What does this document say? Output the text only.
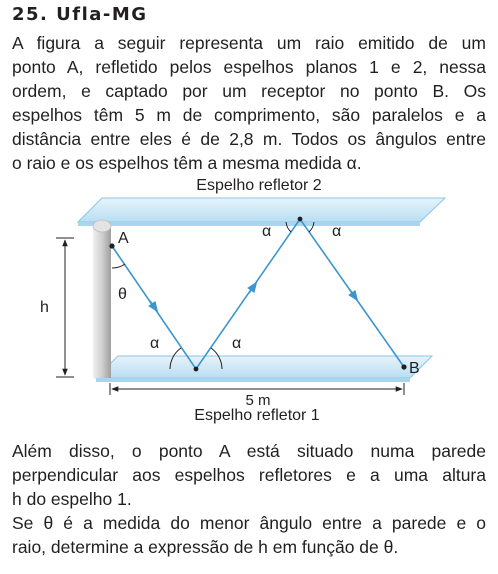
25. Ufla-MG
A figura a seguir representa um raio emitido de um
ponto A, refletido pelos espelhos planos 1 e 2, nessa
ordem, e captado por um receptor no ponto B. Os
espelhos têm 5 m de comprimento, são paralelos e a
distância entre eles é de 2,8 m. Todos os ângulos entre
o raio e os espelhos têm a mesma medida α.
h
Espelho refletor 2
Espelho refletor 1
5 m
A
B
θ
α	α
α	α
Além disso, o ponto A está situado numa parede
perpendicular aos espelhos refletores e a uma altura
h do espelho 1.
Se θ é a medida do menor ângulo entre a parede e o
raio, determine a expressão de h em função de θ.
